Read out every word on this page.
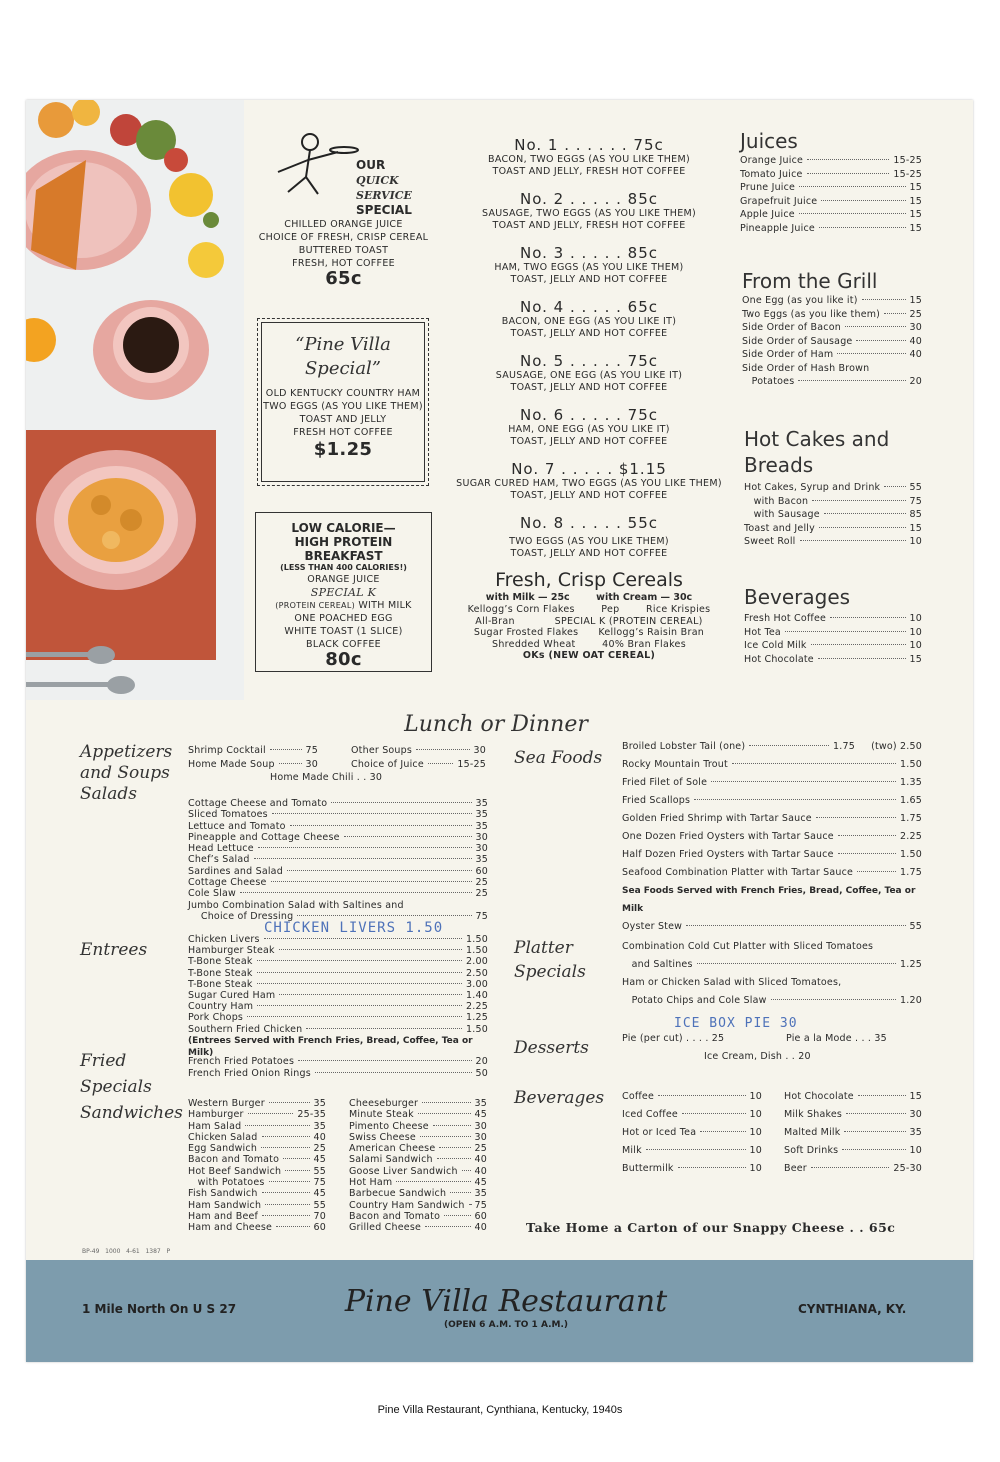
OUR
QUICK SERVICE
SPECIAL
CHILLED ORANGE JUICE
CHOICE OF FRESH, CRISP CEREAL
BUTTERED TOAST
FRESH, HOT COFFEE
65c
“Pine Villa
Special”
OLD KENTUCKY COUNTRY HAM
TWO EGGS (AS YOU LIKE THEM)
TOAST AND JELLY
FRESH HOT COFFEE
$1.25
LOW CALORIE—
HIGH PROTEIN BREAKFAST
(LESS THAN 400 CALORIES!)
ORANGE JUICE
SPECIAL K
(PROTEIN CEREAL) WITH MILK
ONE POACHED EGG
WHITE TOAST (1 SLICE)
BLACK COFFEE
80c
No. 1 . . . . . . 75c
BACON, TWO EGGS (AS YOU LIKE THEM)
TOAST AND JELLY, FRESH HOT COFFEE
No. 2 . . . . . 85c
SAUSAGE, TWO EGGS (AS YOU LIKE THEM)
TOAST AND JELLY, FRESH HOT COFFEE
No. 3 . . . . . 85c
HAM, TWO EGGS (AS YOU LIKE THEM)
TOAST, JELLY AND HOT COFFEE
No. 4 . . . . . 65c
BACON, ONE EGG (AS YOU LIKE IT)
TOAST, JELLY AND HOT COFFEE
No. 5 . . . . . 75c
SAUSAGE, ONE EGG (AS YOU LIKE IT)
TOAST, JELLY AND HOT COFFEE
No. 6 . . . . . 75c
HAM, ONE EGG (AS YOU LIKE IT)
TOAST, JELLY AND HOT COFFEE
No. 7 . . . . . $1.15
SUGAR CURED HAM, TWO EGGS (AS YOU LIKE THEM)
TOAST, JELLY AND HOT COFFEE
No. 8 . . . . . 55c
TWO EGGS (AS YOU LIKE THEM)
TOAST, JELLY AND HOT COFFEE
Fresh, Crisp Cereals
with Milk — 25c	with Cream — 30c
Kellogg’s Corn Flakes        Pep        Rice Krispies
All-Bran            SPECIAL K (PROTEIN CEREAL)
Sugar Frosted Flakes      Kellogg’s Raisin Bran
Shredded Wheat        40% Bran Flakes
OKs (NEW OAT CEREAL)
Juices
Orange Juice	15-25
Tomato Juice	15-25
Prune Juice	15
Grapefruit Juice	15
Apple Juice	15
Pineapple Juice	15
From the Grill
One Egg (as you like it)	15
Two Eggs (as you like them)	25
Side Order of Bacon	30
Side Order of Sausage	40
Side Order of Ham	40
Side Order of Hash Brown
Potatoes	20
Hot Cakes and
Breads
Hot Cakes, Syrup and Drink	55
with Bacon	75
with Sausage	85
Toast and Jelly	15
Sweet Roll	10
Beverages
Fresh Hot Coffee	10
Hot Tea	10
Ice Cold Milk	10
Hot Chocolate	15
Lunch or Dinner
Appetizers
and Soups
Salads
Entrees
Fried
Specials
Sandwiches
Shrimp Cocktail	75
Home Made Soup	30
Other Soups	30
Choice of Juice	15-25
Home Made Chili . . 30
Cottage Cheese and Tomato	35
Sliced Tomatoes	35
Lettuce and Tomato	35
Pineapple and Cottage Cheese	30
Head Lettuce	30
Chef’s Salad	35
Sardines and Salad	60
Cottage Cheese	25
Cole Slaw	25
Jumbo Combination Salad with Saltines and
Choice of Dressing	75
Chicken Livers	1.50
Hamburger Steak	1.50
T-Bone Steak	2.00
T-Bone Steak	2.50
T-Bone Steak	3.00
Sugar Cured Ham	1.40
Country Ham	2.25
Pork Chops	1.25
Southern Fried Chicken	1.50
(Entrees Served with French Fries, Bread, Coffee, Tea or Milk)
CHICKEN LIVERS 1.50
French Fried Potatoes	20
French Fried Onion Rings	50
Western Burger	35
Hamburger	25-35
Ham Salad	35
Chicken Salad	40
Egg Sandwich	25
Bacon and Tomato	45
Hot Beef Sandwich	55
with Potatoes	75
Fish Sandwich	45
Ham Sandwich	55
Ham and Beef	70
Ham and Cheese	60
Cheeseburger	35
Minute Steak	45
Pimento Cheese	30
Swiss Cheese	30
American Cheese	25
Salami Sandwich	40
Goose Liver Sandwich 40
Hot Ham	45
Barbecue Sandwich	35
Country Ham Sandwich 75
Bacon and Tomato	60
Grilled Cheese	40
Sea Foods
Platter
Specials
Desserts
Beverages
Broiled Lobster Tail (one)	1.75     (two) 2.50
Rocky Mountain Trout	1.50
Fried Filet of Sole	1.35
Fried Scallops	1.65
Golden Fried Shrimp with Tartar Sauce	1.75
One Dozen Fried Oysters with Tartar Sauce	2.25
Half Dozen Fried Oysters with Tartar Sauce	1.50
Seafood Combination Platter with Tartar Sauce	1.75
Sea Foods Served with French Fries, Bread, Coffee, Tea or Milk
Oyster Stew	55
Combination Cold Cut Platter with Sliced Tomatoes
and Saltines	1.25
Ham or Chicken Salad with Sliced Tomatoes,
Potato Chips and Cole Slaw	1.20
ICE BOX PIE 30
Pie (per cut) . . . . 25	Pie a la Mode . . . 35
Ice Cream, Dish . . 20
Coffee	10
Iced Coffee	10
Hot or Iced Tea	10
Milk	10
Buttermilk	10
Hot Chocolate	15
Milk Shakes	30
Malted Milk	35
Soft Drinks	10
Beer	25-30
Take Home a Carton of our Snappy Cheese . . 65c
BP-49   1000   4-61   1387   P
1 Mile North On U S 27	Pine Villa Restaurant
(OPEN 6 A.M. TO 1 A.M.)
CYNTHIANA, KY.
Pine Villa Restaurant, Cynthiana, Kentucky, 1940s
